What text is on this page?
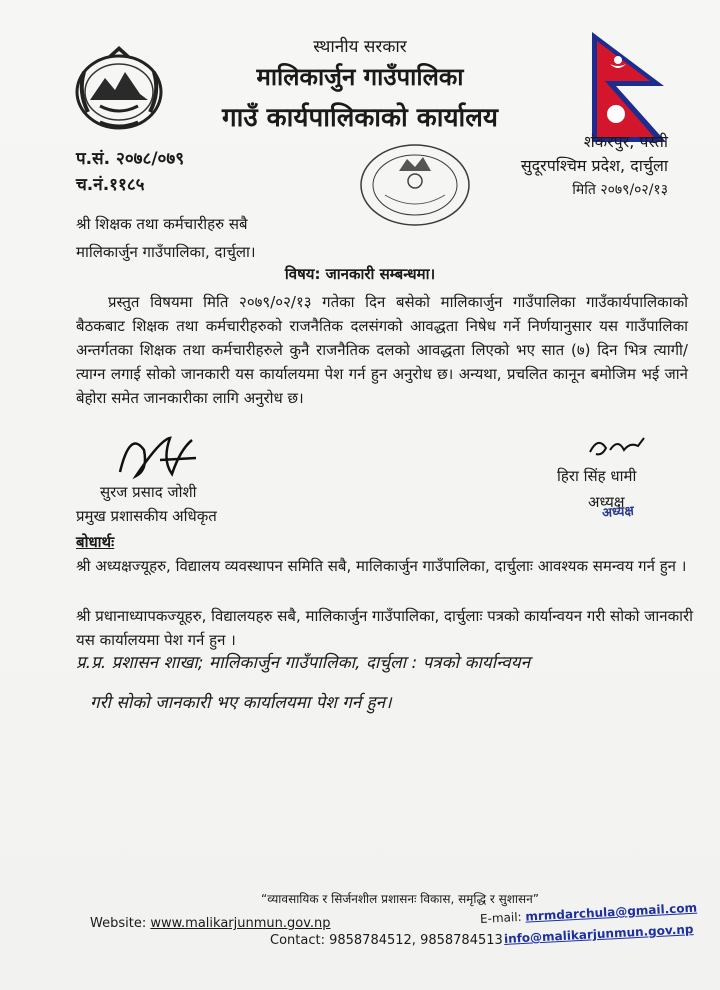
स्थानीय सरकार
मालिकार्जुन गाउँपालिका
गाउँ कार्यपालिकाको कार्यालय
प.सं. २०७८/०७९
च.नं.११८५
शंकरपुर, पस्ती
सुदूरपश्चिम प्रदेश, दार्चुला
मिति २०७९/०२/१३
श्री शिक्षक तथा कर्मचारीहरु सबै
मालिकार्जुन गाउँपालिका, दार्चुला।
विषय: जानकारी सम्बन्धमा।

प्रस्तुत विषयमा मिति २०७९/०२/१३ गतेका दिन बसेको मालिकार्जुन गाउँपालिका गाउँकार्यपालिकाको बैठकबाट शिक्षक तथा कर्मचारीहरुको राजनैतिक दलसंगको आवद्धता निषेध गर्ने निर्णयानुसार यस गाउँपालिका अन्तर्गतका शिक्षक तथा कर्मचारीहरुले कुनै राजनैतिक दलको आवद्धता लिएको भए सात (७) दिन भित्र त्यागी/त्याग्न लगाई सोको जानकारी यस कार्यालयमा पेश गर्न हुन अनुरोध छ। अन्यथा, प्रचलित कानून बमोजिम भई जाने बेहोरा समेत जानकारीका लागि अनुरोध छ।

सुरज प्रसाद जोशी
प्रमुख प्रशासकीय अधिकृत
हिरा सिंह धामी
अध्यक्ष
अध्यक्ष
बोधार्थः
श्री अध्यक्षज्यूहरु, विद्यालय व्यवस्थापन समिति सबै, मालिकार्जुन गाउँपालिका, दार्चुलाः आवश्यक समन्वय गर्न हुन ।
श्री प्रधानाध्यापकज्यूहरु, विद्यालयहरु सबै, मालिकार्जुन गाउँपालिका, दार्चुलाः पत्रको कार्यान्वयन गरी सोको जानकारी यस कार्यालयमा पेश गर्न हुन ।
प्र.प्र. प्रशासन शाखा; मालिकार्जुन गाउँपालिका, दार्चुला : पत्रको कार्यान्वयन
गरी सोको जानकारी भए कार्यालयमा पेश गर्न हुन।
“व्यावसायिक र सिर्जनशील प्रशासनः विकास, समृद्धि र सुशासन”
Website: www.malikarjunmun.gov.np	E-mail: mrmdarchula@gmail.com
info@malikarjunmun.gov.np
Contact: 9858784512, 9858784513
